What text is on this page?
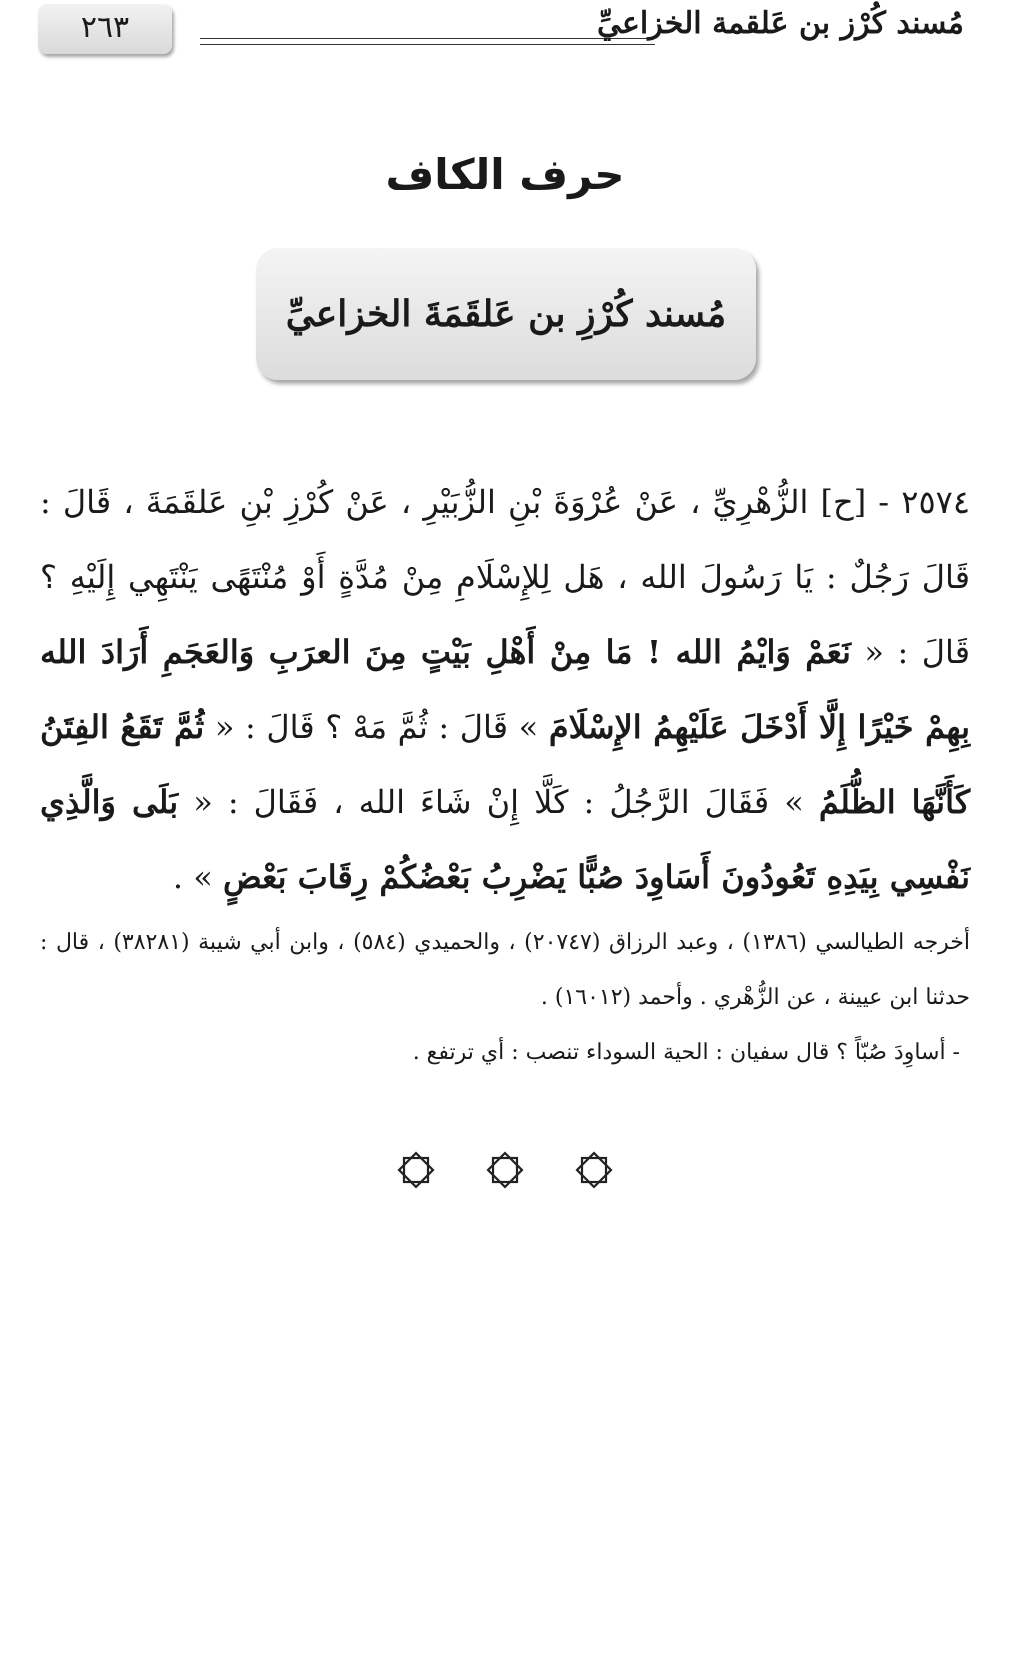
٢٦٣	مُسند كُرْز بن عَلقمة الخزاعيِّ
حرف الكاف
مُسند كُرْزِ بن عَلقَمَةَ الخزاعيِّ
٢٥٧٤ - [ح] الزُّهْرِيِّ ، عَنْ عُرْوَةَ بْنِ الزُّبَيْرِ ، عَنْ كُرْزِ بْنِ عَلقَمَةَ ، قَالَ : قَالَ رَجُلٌ : يَا رَسُولَ الله ، هَل لِلإِسْلَامِ مِنْ مُدَّةٍ أَوْ مُنْتَهًى يَنْتَهِي إِلَيْهِ ؟ قَالَ : « نَعَمْ وَايْمُ الله ! مَا مِنْ أَهْلِ بَيْتٍ مِنَ العرَبِ وَالعَجَمِ أَرَادَ الله بِهِمْ خَيْرًا إِلَّا أَدْخَلَ عَلَيْهِمُ الإِسْلَامَ » قَالَ : ثُمَّ مَهْ ؟ قَالَ : « ثُمَّ تَقَعُ الفِتَنُ كَأَنَّهَا الظُّلَمُ » فَقَالَ الرَّجُلُ : كَلَّا إِنْ شَاءَ الله ، فَقَالَ : « بَلَى وَالَّذِي نَفْسِي بِيَدِهِ تَعُودُونَ أَسَاوِدَ صُبًّا يَضْرِبُ بَعْضُكُمْ رِقَابَ بَعْضٍ » .

أخرجه الطيالسي (١٣٨٦) ، وعبد الرزاق (٢٠٧٤٧) ، والحميدي (٥٨٤) ، وابن أبي شيبة (٣٨٢٨١) ، قال : حدثنا ابن عيينة ، عن الزُّهْري . وأحمد (١٦٠١٢) .

- أساوِدَ صُبّاً ؟ قال سفيان : الحية السوداء تنصب : أي ترتفع .
